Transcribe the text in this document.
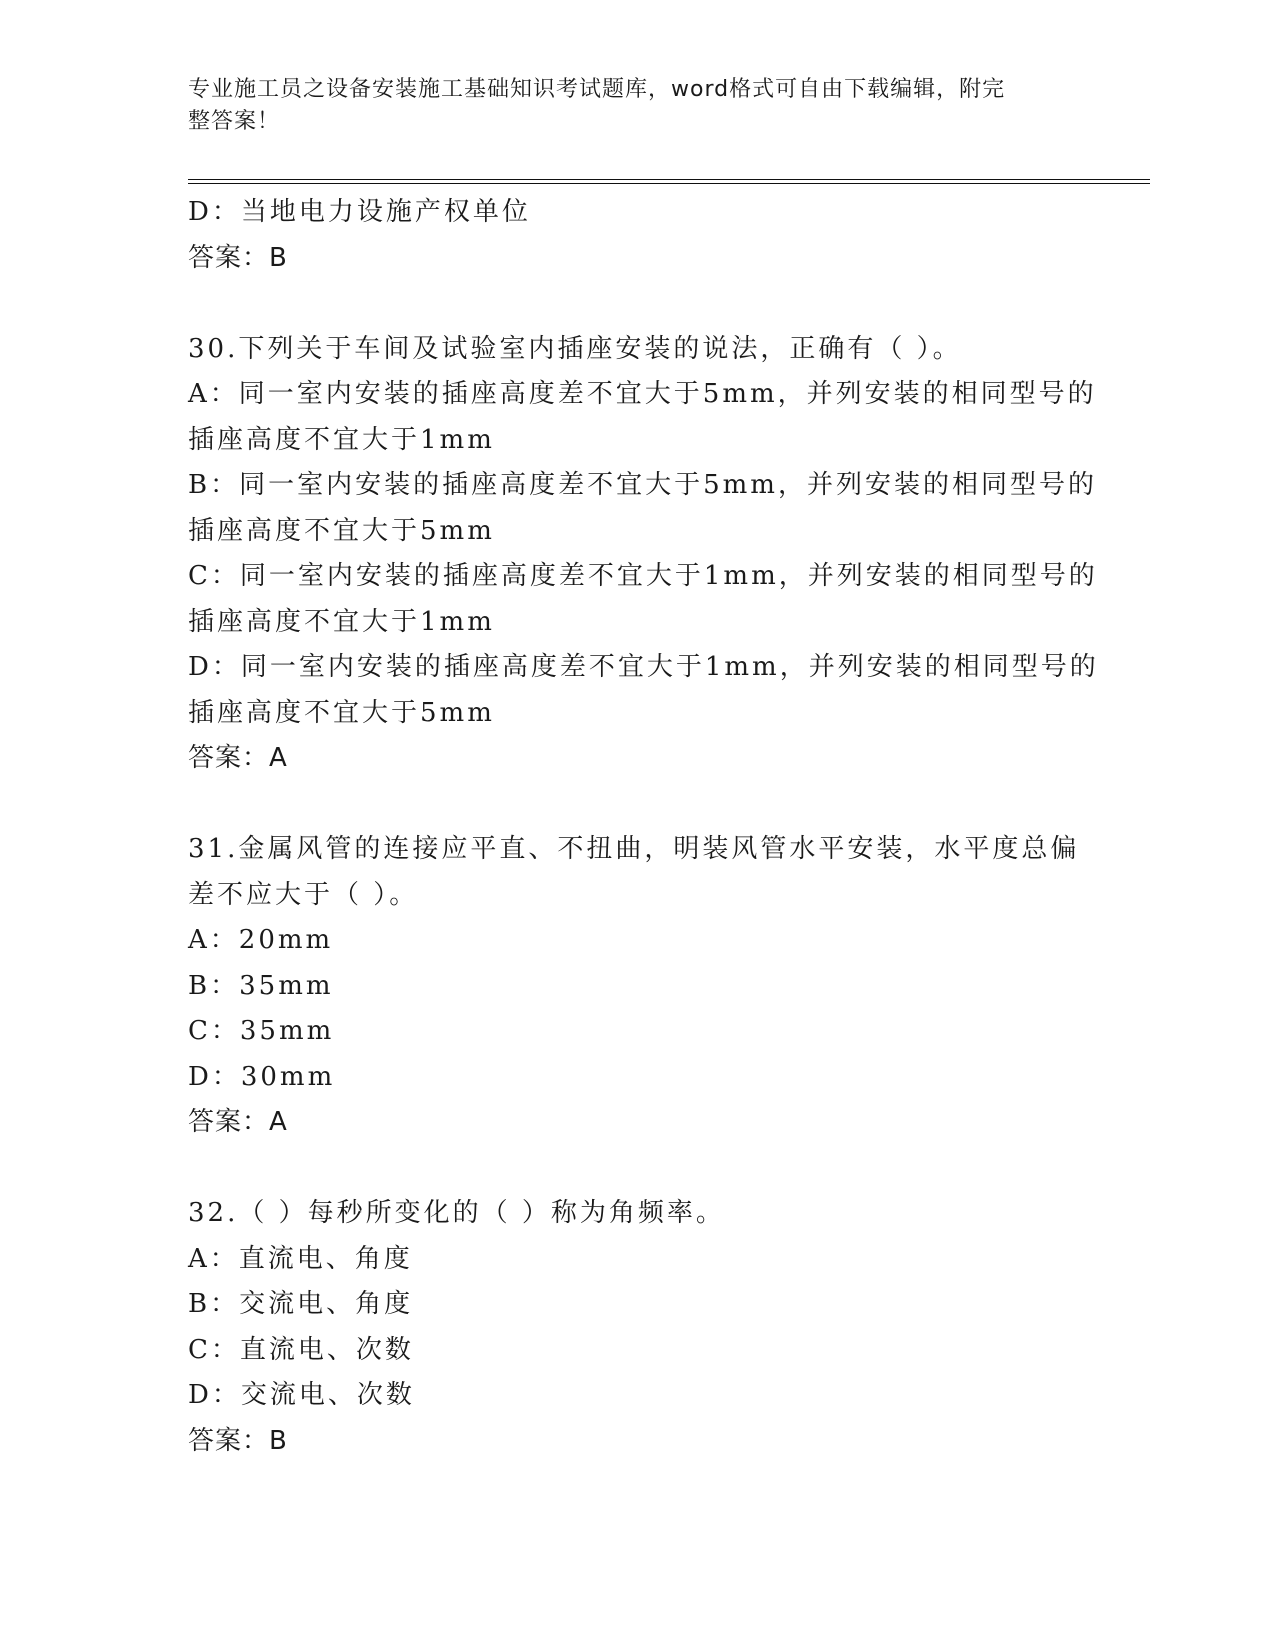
专业施工员之设备安装施工基础知识考试题库，word格式可自由下载编辑，附完
整答案！
D：当地电力设施产权单位
答案：B
30.下列关于车间及试验室内插座安装的说法，正确有（ ）。
A：同一室内安装的插座高度差不宜大于5mm，并列安装的相同型号的
插座高度不宜大于1mm
B：同一室内安装的插座高度差不宜大于5mm，并列安装的相同型号的
插座高度不宜大于5mm
C：同一室内安装的插座高度差不宜大于1mm，并列安装的相同型号的
插座高度不宜大于1mm
D：同一室内安装的插座高度差不宜大于1mm，并列安装的相同型号的
插座高度不宜大于5mm
答案：A
31.金属风管的连接应平直、不扭曲，明装风管水平安装，水平度总偏
差不应大于（ ）。
A：20mm
B：35mm
C：35mm
D：30mm
答案：A
32.（ ）每秒所变化的（ ）称为角频率。
A：直流电、角度
B：交流电、角度
C：直流电、次数
D：交流电、次数
答案：B
